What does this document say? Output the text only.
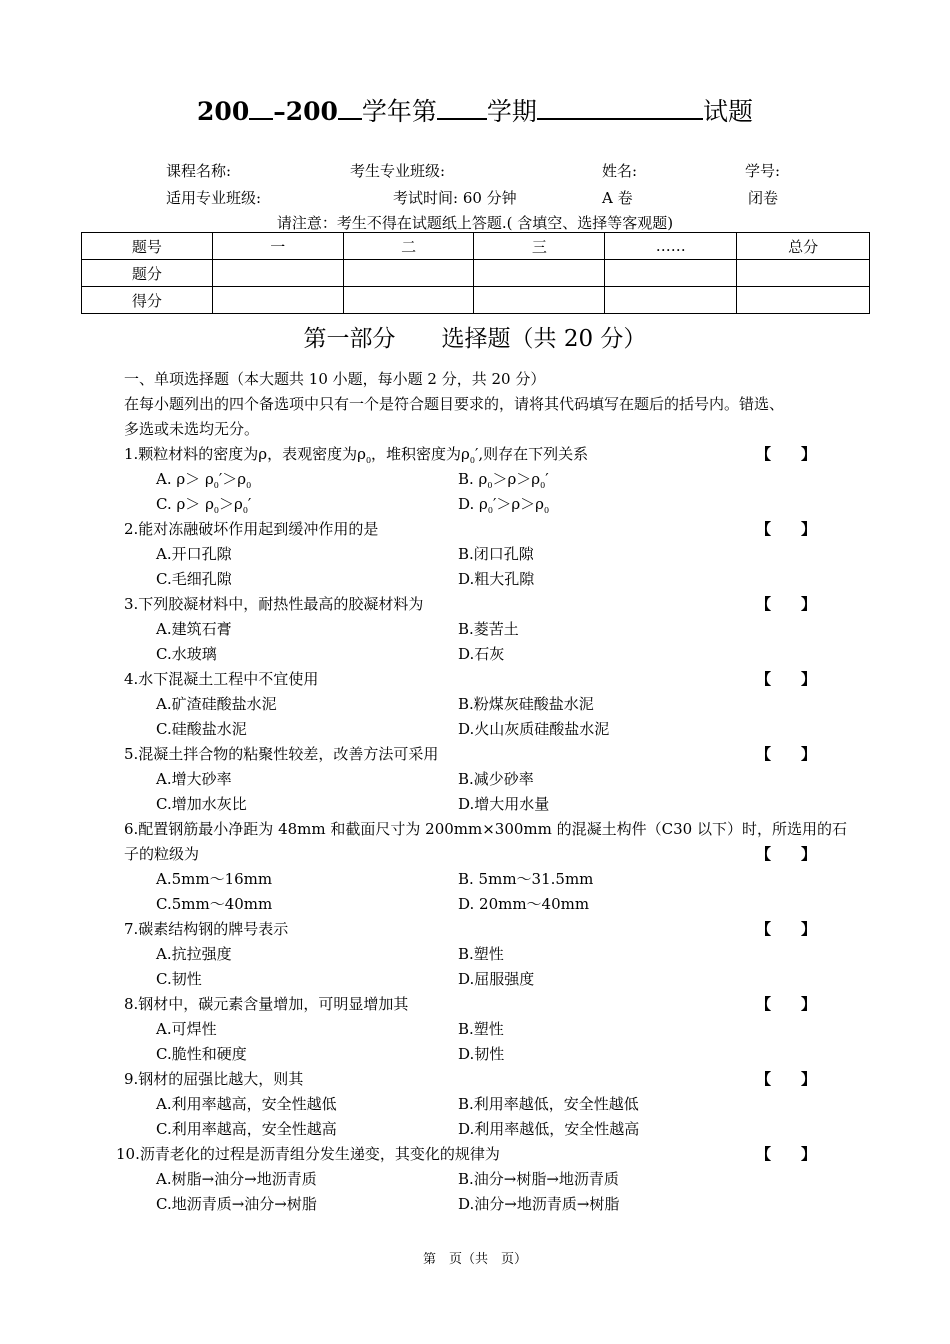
200 –200 学年第 学期	试题
课程名称:	考生专业班级:	姓名:	学号:
适用专业班级:	考试时间: 60 分钟	A 卷	闭卷
请注意：考生不得在试题纸上答题.( 含填空、选择等客观题)
题号	一	二	三	……	总分
题分					
得分					
第一部分　　选择题（共 20 分）
一、单项选择题（本大题共 10 小题，每小题 2 分，共 20 分）
在每小题列出的四个备选项中只有一个是符合题目要求的，请将其代码填写在题后的括号内。错选、
多选或未选均无分。
1.颗粒材料的密度为ρ，表观密度为$\rho_0$，堆积密度为$\rho_0'$,则存在下列关系	【　　】
A. $\rho> \rho_0'>\rho_0$	B. $\rho_0>\rho>\rho_0'$
C. $\rho> \rho_0>\rho_0'$	D. $\rho_0'>\rho>\rho_0$
2.能对冻融破坏作用起到缓冲作用的是	【　　】
A.开口孔隙	B.闭口孔隙
C.毛细孔隙	D.粗大孔隙
3.下列胶凝材料中，耐热性最高的胶凝材料为	【　　】
A.建筑石膏	B.菱苦土
C.水玻璃	D.石灰
4.水下混凝土工程中不宜使用	【　　】
A.矿渣硅酸盐水泥	B.粉煤灰硅酸盐水泥
C.硅酸盐水泥	D.火山灰质硅酸盐水泥
5.混凝土拌合物的粘聚性较差，改善方法可采用	【　　】
A.增大砂率	B.减少砂率
C.增加水灰比	D.增大用水量
6.配置钢筋最小净距为 48mm 和截面尺寸为 200mm×300mm 的混凝土构件（C30 以下）时，所选用的石
子的粒级为	【　　】
A.5mm～16mm	B. 5mm～31.5mm
C.5mm～40mm	D. 20mm～40mm
7.碳素结构钢的牌号表示	【　　】
A.抗拉强度	B.塑性
C.韧性	D.屈服强度
8.钢材中，碳元素含量增加，可明显增加其	【　　】
A.可焊性	B.塑性
C.脆性和硬度	D.韧性
9.钢材的屈强比越大，则其	【　　】
A.利用率越高，安全性越低	B.利用率越低，安全性越低
C.利用率越高，安全性越高	D.利用率越低，安全性越高
10.沥青老化的过程是沥青组分发生递变，其变化的规律为	【　　】
A.树脂→油分→地沥青质	B.油分→树脂→地沥青质
C.地沥青质→油分→树脂	D.油分→地沥青质→树脂
第　页（共　页）
